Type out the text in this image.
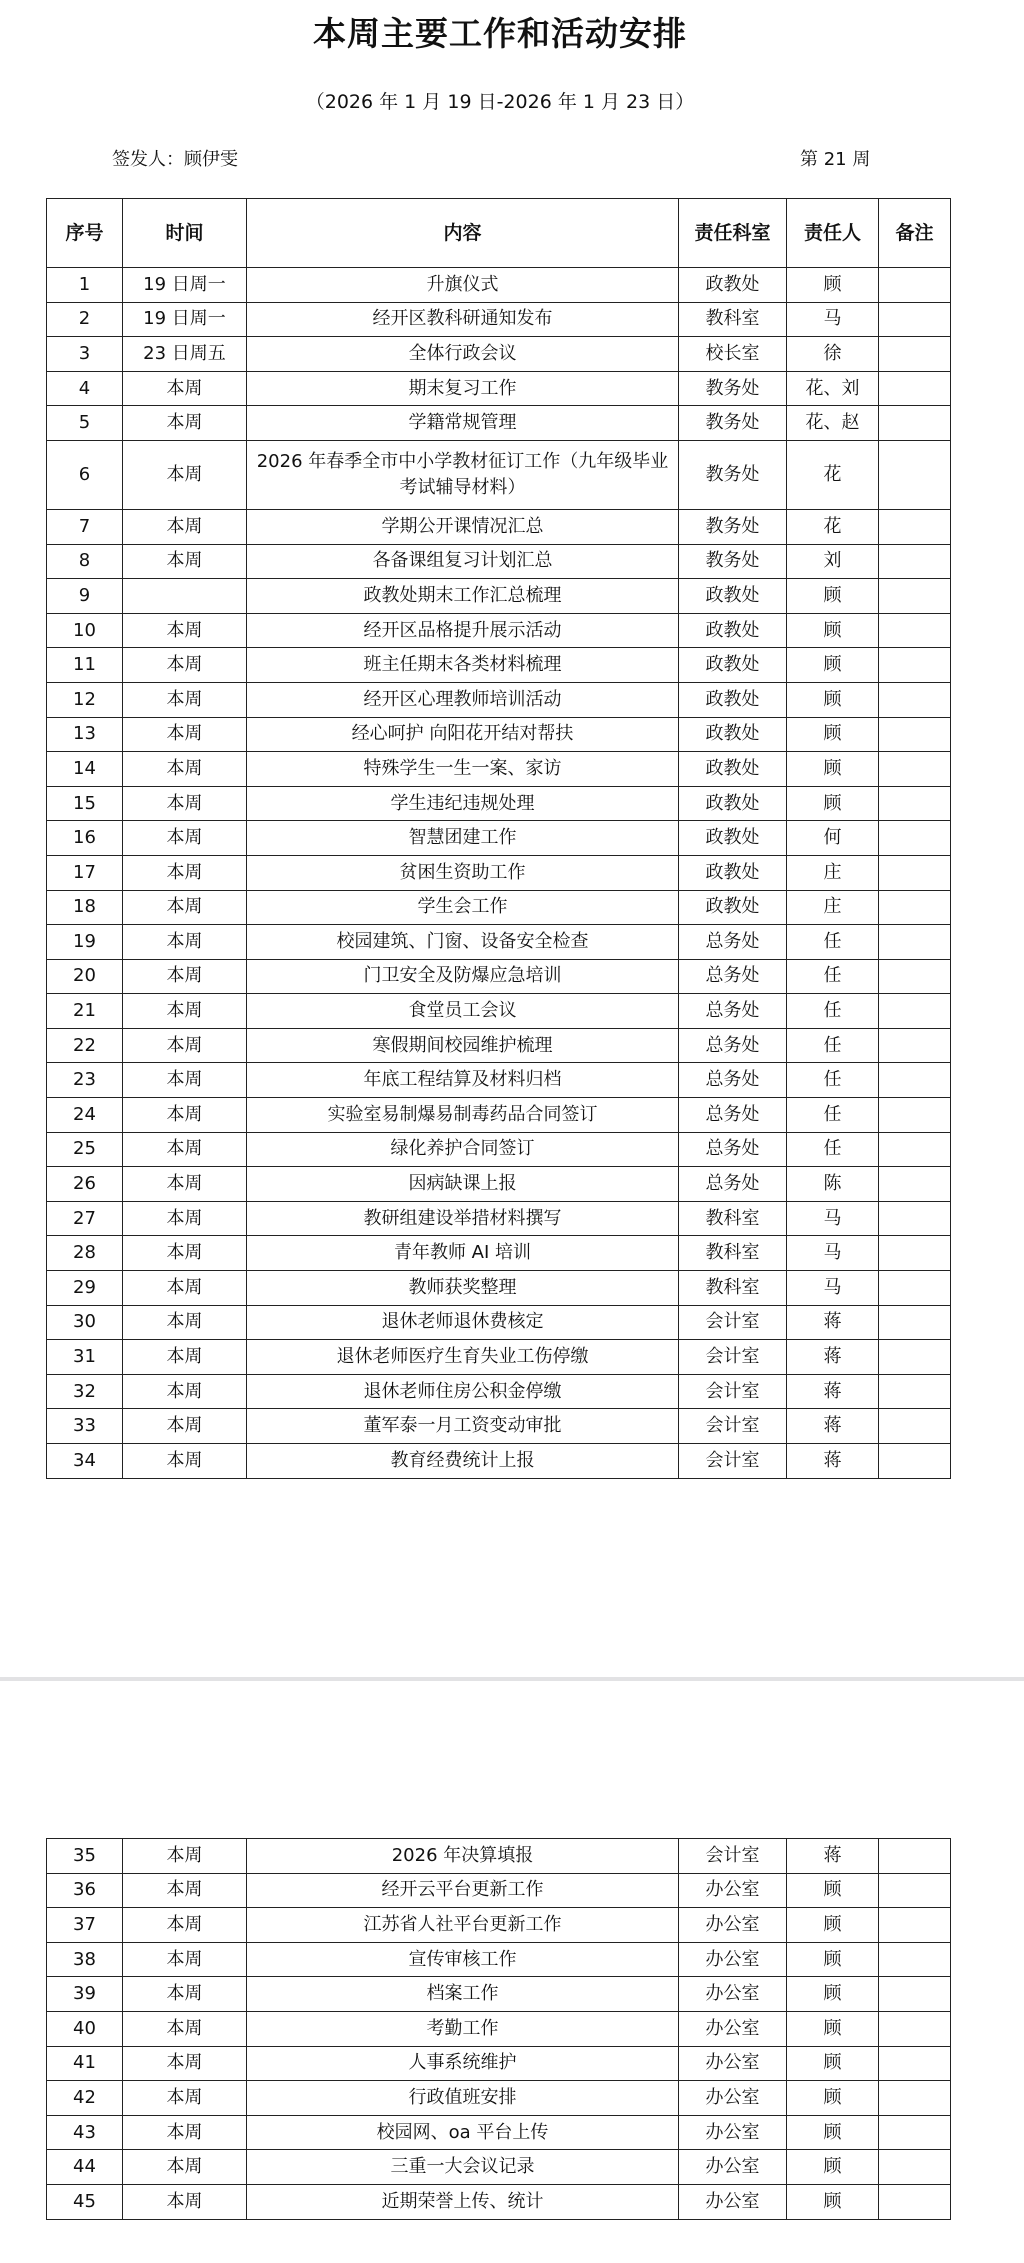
本周主要工作和活动安排
（2026 年 1 月 19 日-2026 年 1 月 23 日）
签发人：顾伊雯	第 21 周
序号	时间	内容	责任科室	责任人	备注
1	19 日周一	升旗仪式	政教处	顾	
2	19 日周一	经开区教科研通知发布	教科室	马	
3	23 日周五	全体行政会议	校长室	徐	
4	本周	期末复习工作	教务处	花、刘	
5	本周	学籍常规管理	教务处	花、赵	
6	本周	2026 年春季全市中小学教材征订工作（九年级毕业考试辅导材料）	教务处	花	
7	本周	学期公开课情况汇总	教务处	花	
8	本周	各备课组复习计划汇总	教务处	刘	
9		政教处期末工作汇总梳理	政教处	顾	
10	本周	经开区品格提升展示活动	政教处	顾	
11	本周	班主任期末各类材料梳理	政教处	顾	
12	本周	经开区心理教师培训活动	政教处	顾	
13	本周	经心呵护 向阳花开结对帮扶	政教处	顾	
14	本周	特殊学生一生一案、家访	政教处	顾	
15	本周	学生违纪违规处理	政教处	顾	
16	本周	智慧团建工作	政教处	何	
17	本周	贫困生资助工作	政教处	庄	
18	本周	学生会工作	政教处	庄	
19	本周	校园建筑、门窗、设备安全检查	总务处	任	
20	本周	门卫安全及防爆应急培训	总务处	任	
21	本周	食堂员工会议	总务处	任	
22	本周	寒假期间校园维护梳理	总务处	任	
23	本周	年底工程结算及材料归档	总务处	任	
24	本周	实验室易制爆易制毒药品合同签订	总务处	任	
25	本周	绿化养护合同签订	总务处	任	
26	本周	因病缺课上报	总务处	陈	
27	本周	教研组建设举措材料撰写	教科室	马	
28	本周	青年教师 AI 培训	教科室	马	
29	本周	教师获奖整理	教科室	马	
30	本周	退休老师退休费核定	会计室	蒋	
31	本周	退休老师医疗生育失业工伤停缴	会计室	蒋	
32	本周	退休老师住房公积金停缴	会计室	蒋	
33	本周	董军泰一月工资变动审批	会计室	蒋	
34	本周	教育经费统计上报	会计室	蒋	
35	本周	2026 年决算填报	会计室	蒋	
36	本周	经开云平台更新工作	办公室	顾	
37	本周	江苏省人社平台更新工作	办公室	顾	
38	本周	宣传审核工作	办公室	顾	
39	本周	档案工作	办公室	顾	
40	本周	考勤工作	办公室	顾	
41	本周	人事系统维护	办公室	顾	
42	本周	行政值班安排	办公室	顾	
43	本周	校园网、oa 平台上传	办公室	顾	
44	本周	三重一大会议记录	办公室	顾	
45	本周	近期荣誉上传、统计	办公室	顾	
